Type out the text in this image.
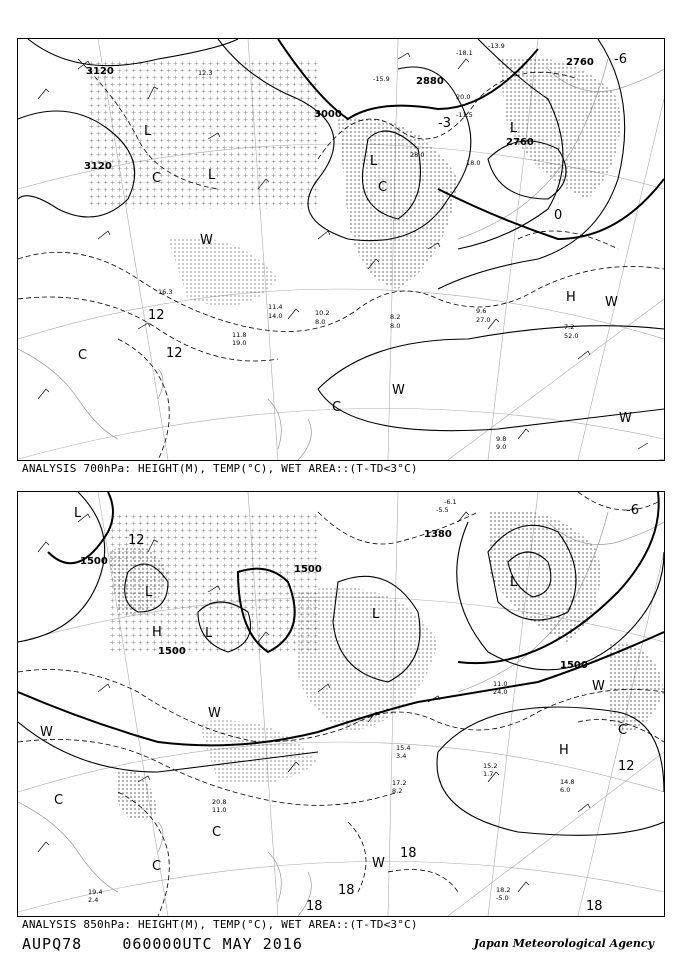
3120
3120
3000
2880
2760
2760
-6
-3
0
12
12
L
L
L
L
H
W
W
W
W
C
C
C
C
-18.1
-13.9
-15.9
-11.5
28.0
20.0
18.0
9.6
27.0
7.2
52.0
9.8
9.0
12.3
10.2
8.0
11.8
19.0
16.3
11.4
14.0	8.2
8.0
ANALYSIS 700hPa: HEIGHT(M), TEMP(°C), WET AREA::(T-TD<3°C)
1500
1500
1500
1500
1380
-6
12
12
18
18
18
18
L
L
L
L
L
H
H
W
W
W
W
C
C
C
C
-6.1
-5.5
11.0
24.0
15.4
3.4
15.2
1.7
14.8
6.0
20.8
11.0
18.2
-5.0
19.4
2.4
17.2
8.2
ANALYSIS 850hPa: HEIGHT(M), TEMP(°C), WET AREA::(T-TD<3°C)
AUPQ78	060000UTC MAY 2016	Japan Meteorological Agency
